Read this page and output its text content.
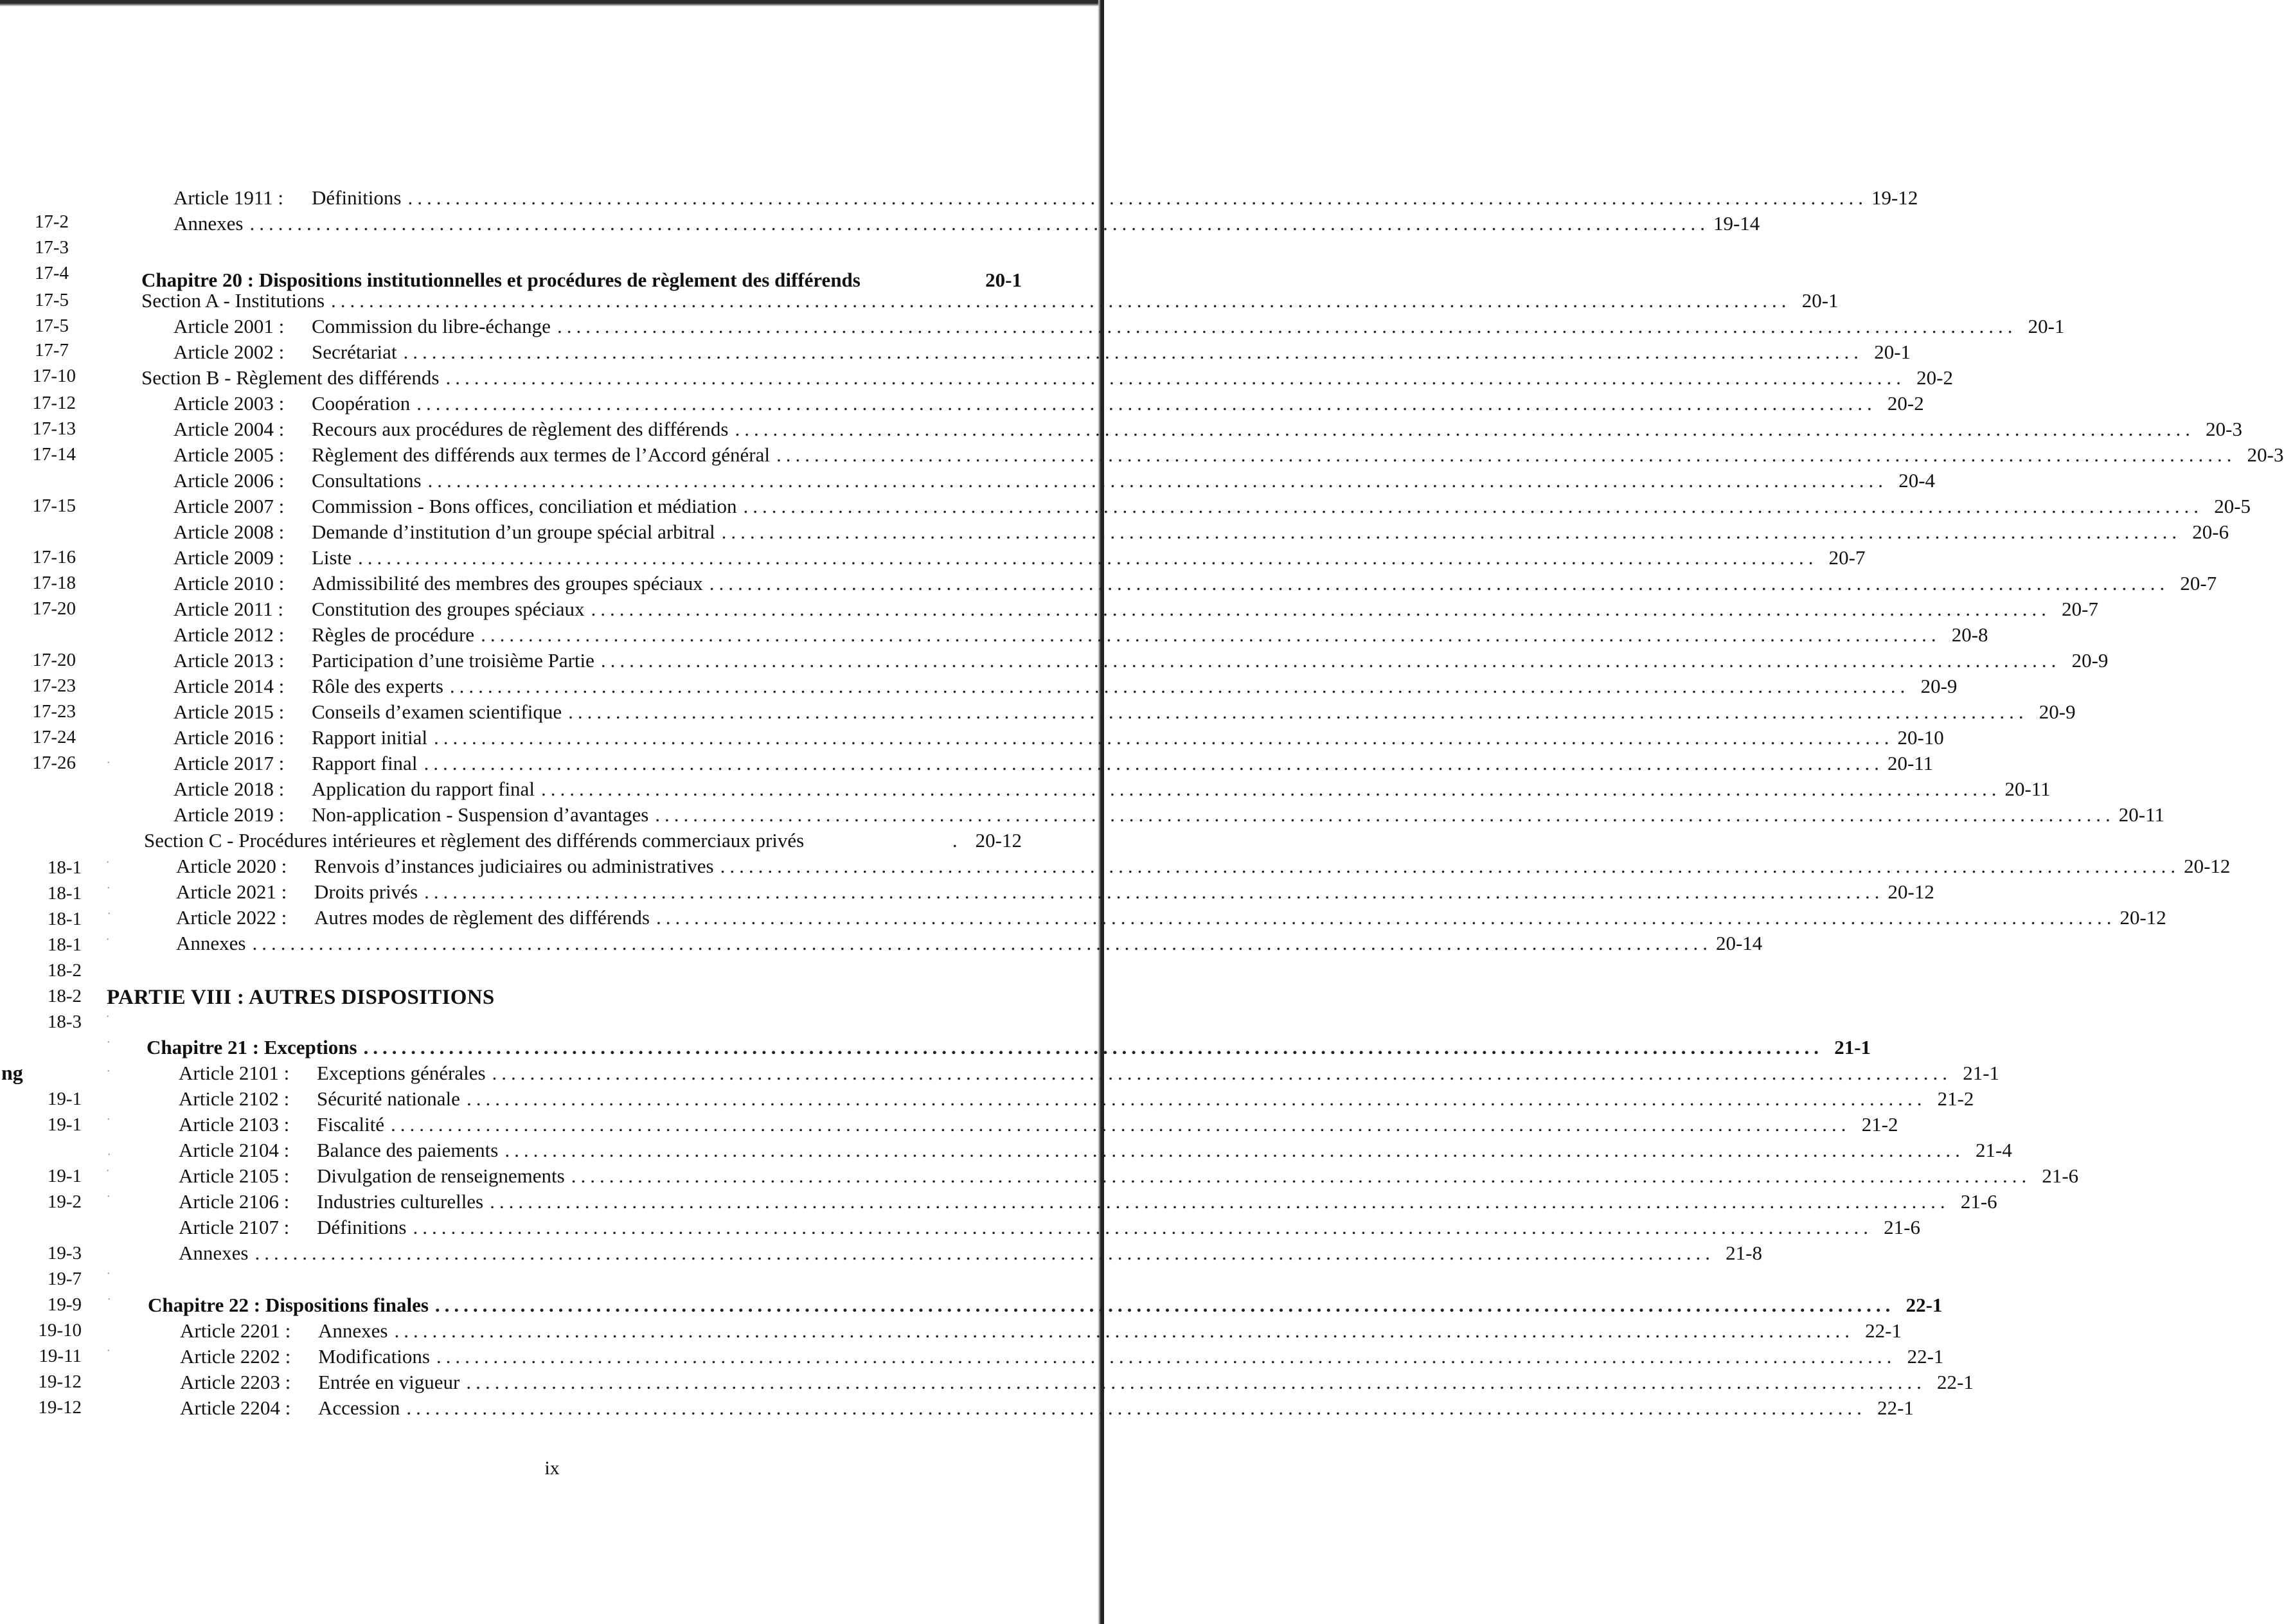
17-2
17-3
17-4
17-5
17-5
17-7
17-10
17-12
17-13
17-14
17-15
17-16
17-18
17-20
17-20
17-23
17-23
17-24
17-26
18-1
18-1
18-1
18-1
18-2
18-2
18-3
19-1
19-1
19-1
19-2
19-3
19-7
19-9
19-10
19-11
19-12
19-12
ng
Article 1911 :	Définitions .....	19-12
Annexes .....	19-14
Chapitre 20 : Dispositions institutionnelles et procédures de règlement des différends	20-1
Section A - Institutions .....	20-1
Article 2001 :	Commission du libre-échange .....	20-1
Article 2002 :	Secrétariat .....	20-1
Section B - Règlement des différends .....	20-2
Article 2003 :	Coopération .....	20-2
Article 2004 :	Recours aux procédures de règlement des différends .....	20-3
Article 2005 :	Règlement des différends aux termes de l’Accord général .....	20-3
Article 2006 :	Consultations .....	20-4
Article 2007 :	Commission - Bons offices, conciliation et médiation .....	20-5
Article 2008 :	Demande d’institution d’un groupe spécial arbitral .....	20-6
Article 2009 :	Liste .....	20-7
Article 2010 :	Admissibilité des membres des groupes spéciaux .....	20-7
Article 2011 :	Constitution des groupes spéciaux .....	20-7
Article 2012 :	Règles de procédure .....	20-8
Article 2013 :	Participation d’une troisième Partie .....	20-9
Article 2014 :	Rôle des experts .....	20-9
Article 2015 :	Conseils d’examen scientifique .....	20-9
Article 2016 :	Rapport initial .....	20-10
Article 2017 :	Rapport final .....	20-11
Article 2018 :	Application du rapport final .....	20-11
Article 2019 :	Non-application - Suspension d’avantages .....	20-11
Section C - Procédures intérieures et règlement des différends commerciaux privés	. 20-12
Article 2020 :	Renvois d’instances judiciaires ou administratives .....	20-12
Article 2021 :	Droits privés .....	20-12
Article 2022 :	Autres modes de règlement des différends .....	20-12
Annexes .....	20-14
PARTIE VIII : AUTRES DISPOSITIONS
Chapitre 21 : Exceptions .....	21-1
Article 2101 :	Exceptions générales .....	21-1
Article 2102 :	Sécurité nationale .....	21-2
Article 2103 :	Fiscalité .....	21-2
Article 2104 :	Balance des paiements .....	21-4
Article 2105 :	Divulgation de renseignements .....	21-6
Article 2106 :	Industries culturelles .....	21-6
Article 2107 :	Définitions .....	21-6
Annexes .....	21-8
Chapitre 22 : Dispositions finales .....	22-1
Article 2201 :	Annexes .....	22-1
Article 2202 :	Modifications .....	22-1
Article 2203 :	Entrée en vigueur .....	22-1
Article 2204 :	Accession .....	22-1
ix
˙
˙
˙
˙
˙
˙
˙
˙
˙
˙
˙
˙
˙
˙
˙
